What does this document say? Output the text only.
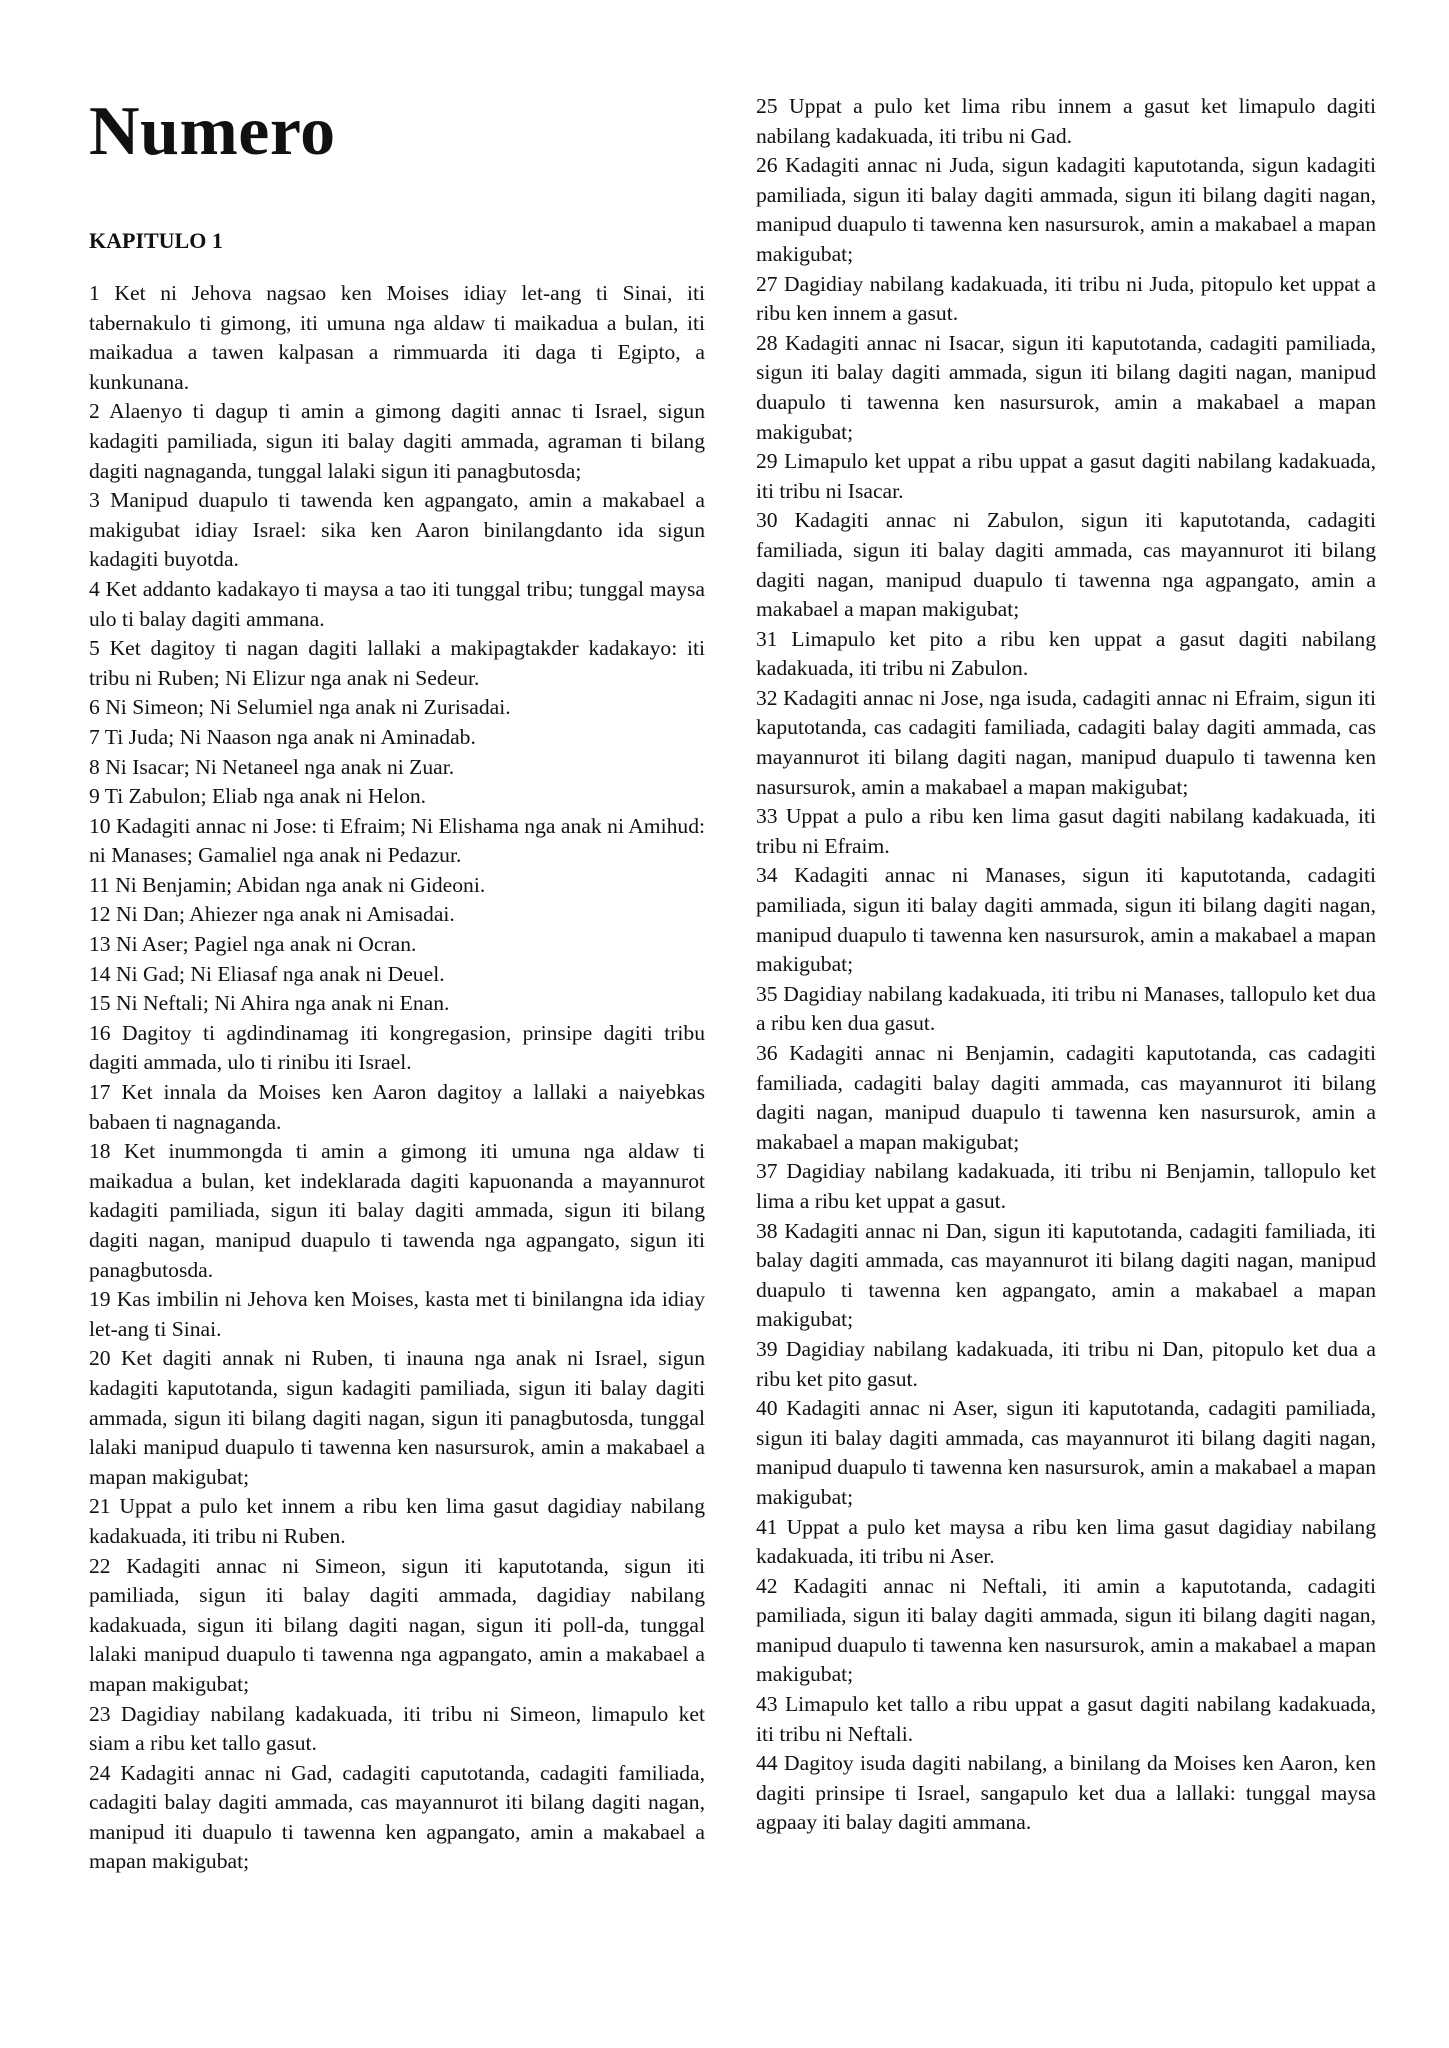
Numero
KAPITULO 1

1 Ket ni Jehova nagsao ken Moises idiay let-ang ti Sinai, iti tabernakulo ti gimong, iti umuna nga aldaw ti maikadua a bulan, iti maikadua a tawen kalpasan a rimmuarda iti daga ti Egipto, a kunkunana.

2 Alaenyo ti dagup ti amin a gimong dagiti annac ti Israel, sigun kadagiti pamiliada, sigun iti balay dagiti ammada, agraman ti bilang dagiti nagnaganda, tunggal lalaki sigun iti panagbutosda;

3 Manipud duapulo ti tawenda ken agpangato, amin a makabael a makigubat idiay Israel: sika ken Aaron binilangdanto ida sigun kadagiti buyotda.

4 Ket addanto kadakayo ti maysa a tao iti tunggal tribu; tunggal maysa ulo ti balay dagiti ammana.

5 Ket dagitoy ti nagan dagiti lallaki a makipagtakder kadakayo: iti tribu ni Ruben; Ni Elizur nga anak ni Sedeur.

6 Ni Simeon; Ni Selumiel nga anak ni Zurisadai.

7 Ti Juda; Ni Naason nga anak ni Aminadab.

8 Ni Isacar; Ni Netaneel nga anak ni Zuar.

9 Ti Zabulon; Eliab nga anak ni Helon.

10 Kadagiti annac ni Jose: ti Efraim; Ni Elishama nga anak ni Amihud: ni Manases; Gamaliel nga anak ni Pedazur.

11 Ni Benjamin; Abidan nga anak ni Gideoni.

12 Ni Dan; Ahiezer nga anak ni Amisadai.

13 Ni Aser; Pagiel nga anak ni Ocran.

14 Ni Gad; Ni Eliasaf nga anak ni Deuel.

15 Ni Neftali; Ni Ahira nga anak ni Enan.

16 Dagitoy ti agdindinamag iti kongregasion, prinsipe dagiti tribu dagiti ammada, ulo ti rinibu iti Israel.

17 Ket innala da Moises ken Aaron dagitoy a lallaki a naiyebkas babaen ti nagnaganda.

18 Ket inummongda ti amin a gimong iti umuna nga aldaw ti maikadua a bulan, ket indeklarada dagiti kapuonanda a mayannurot kadagiti pamiliada, sigun iti balay dagiti ammada, sigun iti bilang dagiti nagan, manipud duapulo ti tawenda nga agpangato, sigun iti panagbutosda.

19 Kas imbilin ni Jehova ken Moises, kasta met ti binilangna ida idiay let-ang ti Sinai.

20 Ket dagiti annak ni Ruben, ti inauna nga anak ni Israel, sigun kadagiti kaputotanda, sigun kadagiti pamiliada, sigun iti balay dagiti ammada, sigun iti bilang dagiti nagan, sigun iti panagbutosda, tunggal lalaki manipud duapulo ti tawenna ken nasursurok, amin a makabael a mapan makigubat;

21 Uppat a pulo ket innem a ribu ken lima gasut dagidiay nabilang kadakuada, iti tribu ni Ruben.

22 Kadagiti annac ni Simeon, sigun iti kaputotanda, sigun iti pamiliada, sigun iti balay dagiti ammada, dagidiay nabilang kadakuada, sigun iti bilang dagiti nagan, sigun iti poll-da, tunggal lalaki manipud duapulo ti tawenna nga agpangato, amin a makabael a mapan makigubat;

23 Dagidiay nabilang kadakuada, iti tribu ni Simeon, limapulo ket siam a ribu ket tallo gasut.

24 Kadagiti annac ni Gad, cadagiti caputotanda, cadagiti familiada, cadagiti balay dagiti ammada, cas mayannurot iti bilang dagiti nagan, manipud iti duapulo ti tawenna ken agpangato, amin a makabael a mapan makigubat;

25 Uppat a pulo ket lima ribu innem a gasut ket limapulo dagiti nabilang kadakuada, iti tribu ni Gad.

26 Kadagiti annac ni Juda, sigun kadagiti kaputotanda, sigun kadagiti pamiliada, sigun iti balay dagiti ammada, sigun iti bilang dagiti nagan, manipud duapulo ti tawenna ken nasursurok, amin a makabael a mapan makigubat;

27 Dagidiay nabilang kadakuada, iti tribu ni Juda, pitopulo ket uppat a ribu ken innem a gasut.

28 Kadagiti annac ni Isacar, sigun iti kaputotanda, cadagiti pamiliada, sigun iti balay dagiti ammada, sigun iti bilang dagiti nagan, manipud duapulo ti tawenna ken nasursurok, amin a makabael a mapan makigubat;

29 Limapulo ket uppat a ribu uppat a gasut dagiti nabilang kadakuada, iti tribu ni Isacar.

30 Kadagiti annac ni Zabulon, sigun iti kaputotanda, cadagiti familiada, sigun iti balay dagiti ammada, cas mayannurot iti bilang dagiti nagan, manipud duapulo ti tawenna nga agpangato, amin a makabael a mapan makigubat;

31 Limapulo ket pito a ribu ken uppat a gasut dagiti nabilang kadakuada, iti tribu ni Zabulon.

32 Kadagiti annac ni Jose, nga isuda, cadagiti annac ni Efraim, sigun iti kaputotanda, cas cadagiti familiada, cadagiti balay dagiti ammada, cas mayannurot iti bilang dagiti nagan, manipud duapulo ti tawenna ken nasursurok, amin a makabael a mapan makigubat;

33 Uppat a pulo a ribu ken lima gasut dagiti nabilang kadakuada, iti tribu ni Efraim.

34 Kadagiti annac ni Manases, sigun iti kaputotanda, cadagiti pamiliada, sigun iti balay dagiti ammada, sigun iti bilang dagiti nagan, manipud duapulo ti tawenna ken nasursurok, amin a makabael a mapan makigubat;

35 Dagidiay nabilang kadakuada, iti tribu ni Manases, tallopulo ket dua a ribu ken dua gasut.

36 Kadagiti annac ni Benjamin, cadagiti kaputotanda, cas cadagiti familiada, cadagiti balay dagiti ammada, cas mayannurot iti bilang dagiti nagan, manipud duapulo ti tawenna ken nasursurok, amin a makabael a mapan makigubat;

37 Dagidiay nabilang kadakuada, iti tribu ni Benjamin, tallopulo ket lima a ribu ket uppat a gasut.

38 Kadagiti annac ni Dan, sigun iti kaputotanda, cadagiti familiada, iti balay dagiti ammada, cas mayannurot iti bilang dagiti nagan, manipud duapulo ti tawenna ken agpangato, amin a makabael a mapan makigubat;

39 Dagidiay nabilang kadakuada, iti tribu ni Dan, pitopulo ket dua a ribu ket pito gasut.

40 Kadagiti annac ni Aser, sigun iti kaputotanda, cadagiti pamiliada, sigun iti balay dagiti ammada, cas mayannurot iti bilang dagiti nagan, manipud duapulo ti tawenna ken nasursurok, amin a makabael a mapan makigubat;

41 Uppat a pulo ket maysa a ribu ken lima gasut dagidiay nabilang kadakuada, iti tribu ni Aser.

42 Kadagiti annac ni Neftali, iti amin a kaputotanda, cadagiti pamiliada, sigun iti balay dagiti ammada, sigun iti bilang dagiti nagan, manipud duapulo ti tawenna ken nasursurok, amin a makabael a mapan makigubat;

43 Limapulo ket tallo a ribu uppat a gasut dagiti nabilang kadakuada, iti tribu ni Neftali.

44 Dagitoy isuda dagiti nabilang, a binilang da Moises ken Aaron, ken dagiti prinsipe ti Israel, sangapulo ket dua a lallaki: tunggal maysa agpaay iti balay dagiti ammana.
